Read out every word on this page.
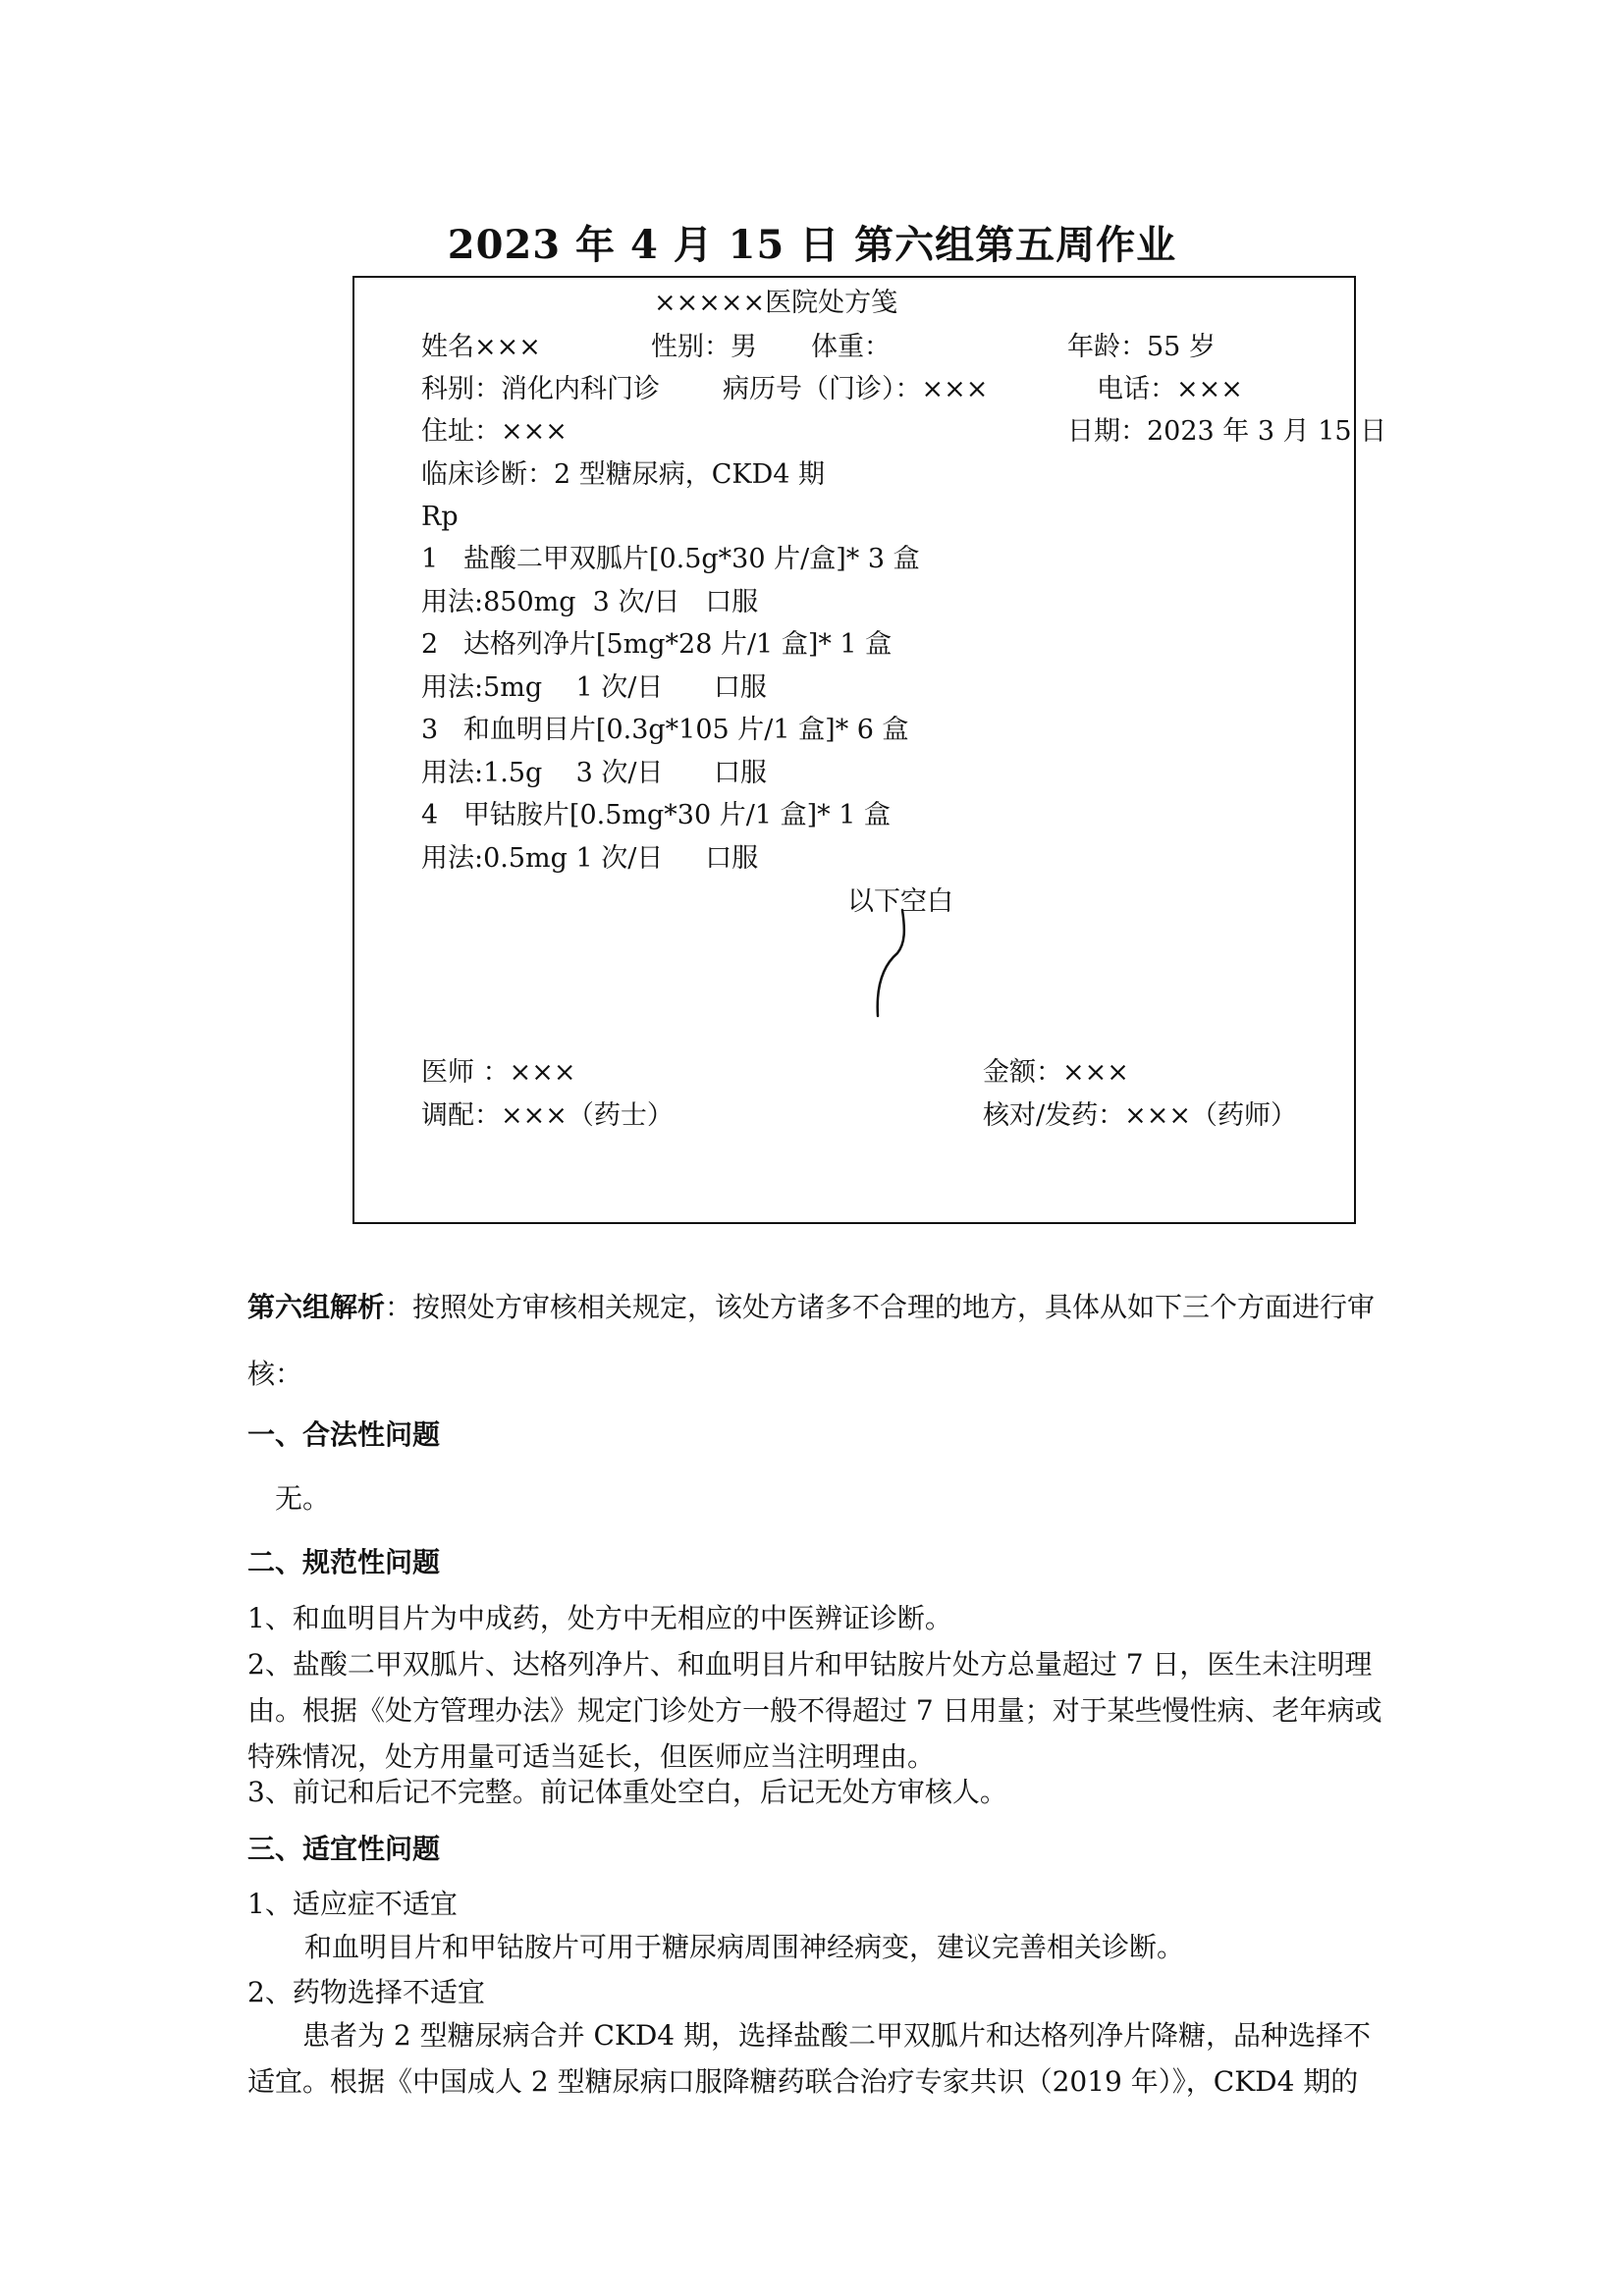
2023 年 4 月 15 日 第六组第五周作业
×××××医院处方笺
姓名×××	性别：男 体重：	年龄：55 岁
科别：消化内科门诊 病历号（门诊）：×××	电话：×××
住址：×××	日期：2023 年 3 月 15 日
临床诊断：2 型糖尿病，CKD4 期
Rp
1   盐酸二甲双胍片[0.5g*30 片/盒]* 3 盒
用法:850mg  3 次/日   口服
2   达格列净片[5mg*28 片/1 盒]* 1 盒
用法:5mg    1 次/日      口服
3   和血明目片[0.3g*105 片/1 盒]* 6 盒
用法:1.5g    3 次/日      口服
4   甲钴胺片[0.5mg*30 片/1 盒]* 1 盒
用法:0.5mg 1 次/日     口服
以下空白
医师 ：×××	金额：×××
调配：×××（药士）	核对/发药：×××（药师）
第六组解析：按照处方审核相关规定，该处方诸多不合理的地方，具体从如下三个方面进行审核：
一、合法性问题
无。
二、规范性问题
1、和血明目片为中成药，处方中无相应的中医辨证诊断。
2、盐酸二甲双胍片、达格列净片、和血明目片和甲钴胺片处方总量超过 7 日，医生未注明理由。根据《处方管理办法》规定门诊处方一般不得超过 7 日用量；对于某些慢性病、老年病或特殊情况，处方用量可适当延长，但医师应当注明理由。
3、前记和后记不完整。前记体重处空白，后记无处方审核人。
三、适宜性问题
1、适应症不适宜
和血明目片和甲钴胺片可用于糖尿病周围神经病变，建议完善相关诊断。
2、药物选择不适宜
患者为 2 型糖尿病合并 CKD4 期，选择盐酸二甲双胍片和达格列净片降糖，品种选择不适宜。根据《中国成人 2 型糖尿病口服降糖药联合治疗专家共识（2019 年）》，CKD4 期的
